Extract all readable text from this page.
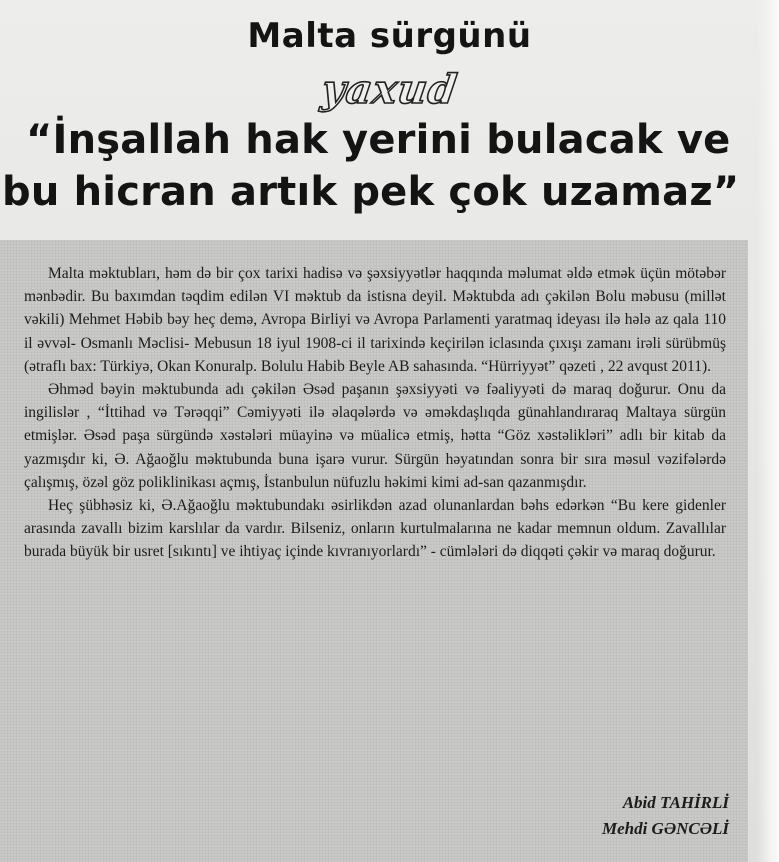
Malta sürgünü
yaxud
“İnşallah hak yerini bulacak ve
bu hicran artık pek çok uzamaz”

Malta məktubları, həm də bir çox tarixi hadisə və şəxsiyyətlər haqqında məlumat əldə etmək üçün mötəbər mənbədir. Bu baxımdan təqdim edilən VI məktub da istisna deyil. Məktubda adı çəkilən Bolu məbusu (millət vəkili) Mehmet Həbib bəy heç demə, Avropa Birliyi və Avropa Parlamenti yaratmaq ideyası ilə hələ az qala 110 il əvvəl- Osmanlı Məclisi- Mebusun 18 iyul 1908-ci il tarixində keçirilən iclasında çıxışı zamanı irəli sürübmüş (ətraflı bax: Türkiyə, Okan Konuralp. Bolulu Habib Beyle AB sahasında. “Hürriyyət” qəzeti , 22 avqust 2011).

Əhməd bəyin məktubunda adı çəkilən Əsəd paşanın şəxsiyyəti və fəaliyyəti də maraq doğurur. Onu da ingilislər , “İttihad və Tərəqqi” Cəmiyyəti ilə əlaqələrdə və əməkdaşlıqda günahlandıraraq Maltaya sürgün etmişlər. Əsəd paşa sürgündə xəstələri müayinə və müalicə etmiş, hətta “Göz xəstəlikləri” adlı bir kitab da yazmışdır ki, Ə. Ağaoğlu məktubunda buna işarə vurur. Sürgün həyatından sonra bir sıra məsul vəzifələrdə çalışmış, özəl göz poliklinikası açmış, İstanbulun nüfuzlu həkimi kimi ad-san qazanmışdır.

Heç şübhəsiz ki, Ə.Ağaoğlu məktubundakı əsirlikdən azad olunanlardan bəhs edərkən “Bu kere gidenler arasında zavallı bizim karslılar da vardır. Bilseniz, onların kurtulmalarına ne kadar memnun oldum. Zavallılar burada büyük bir usret [sıkıntı] ve ihtiyaç içinde kıvranıyorlardı” - cümlələri də diqqəti çəkir və maraq doğurur.

Abid TAHİRLİ
Mehdi GƏNCƏLİ
